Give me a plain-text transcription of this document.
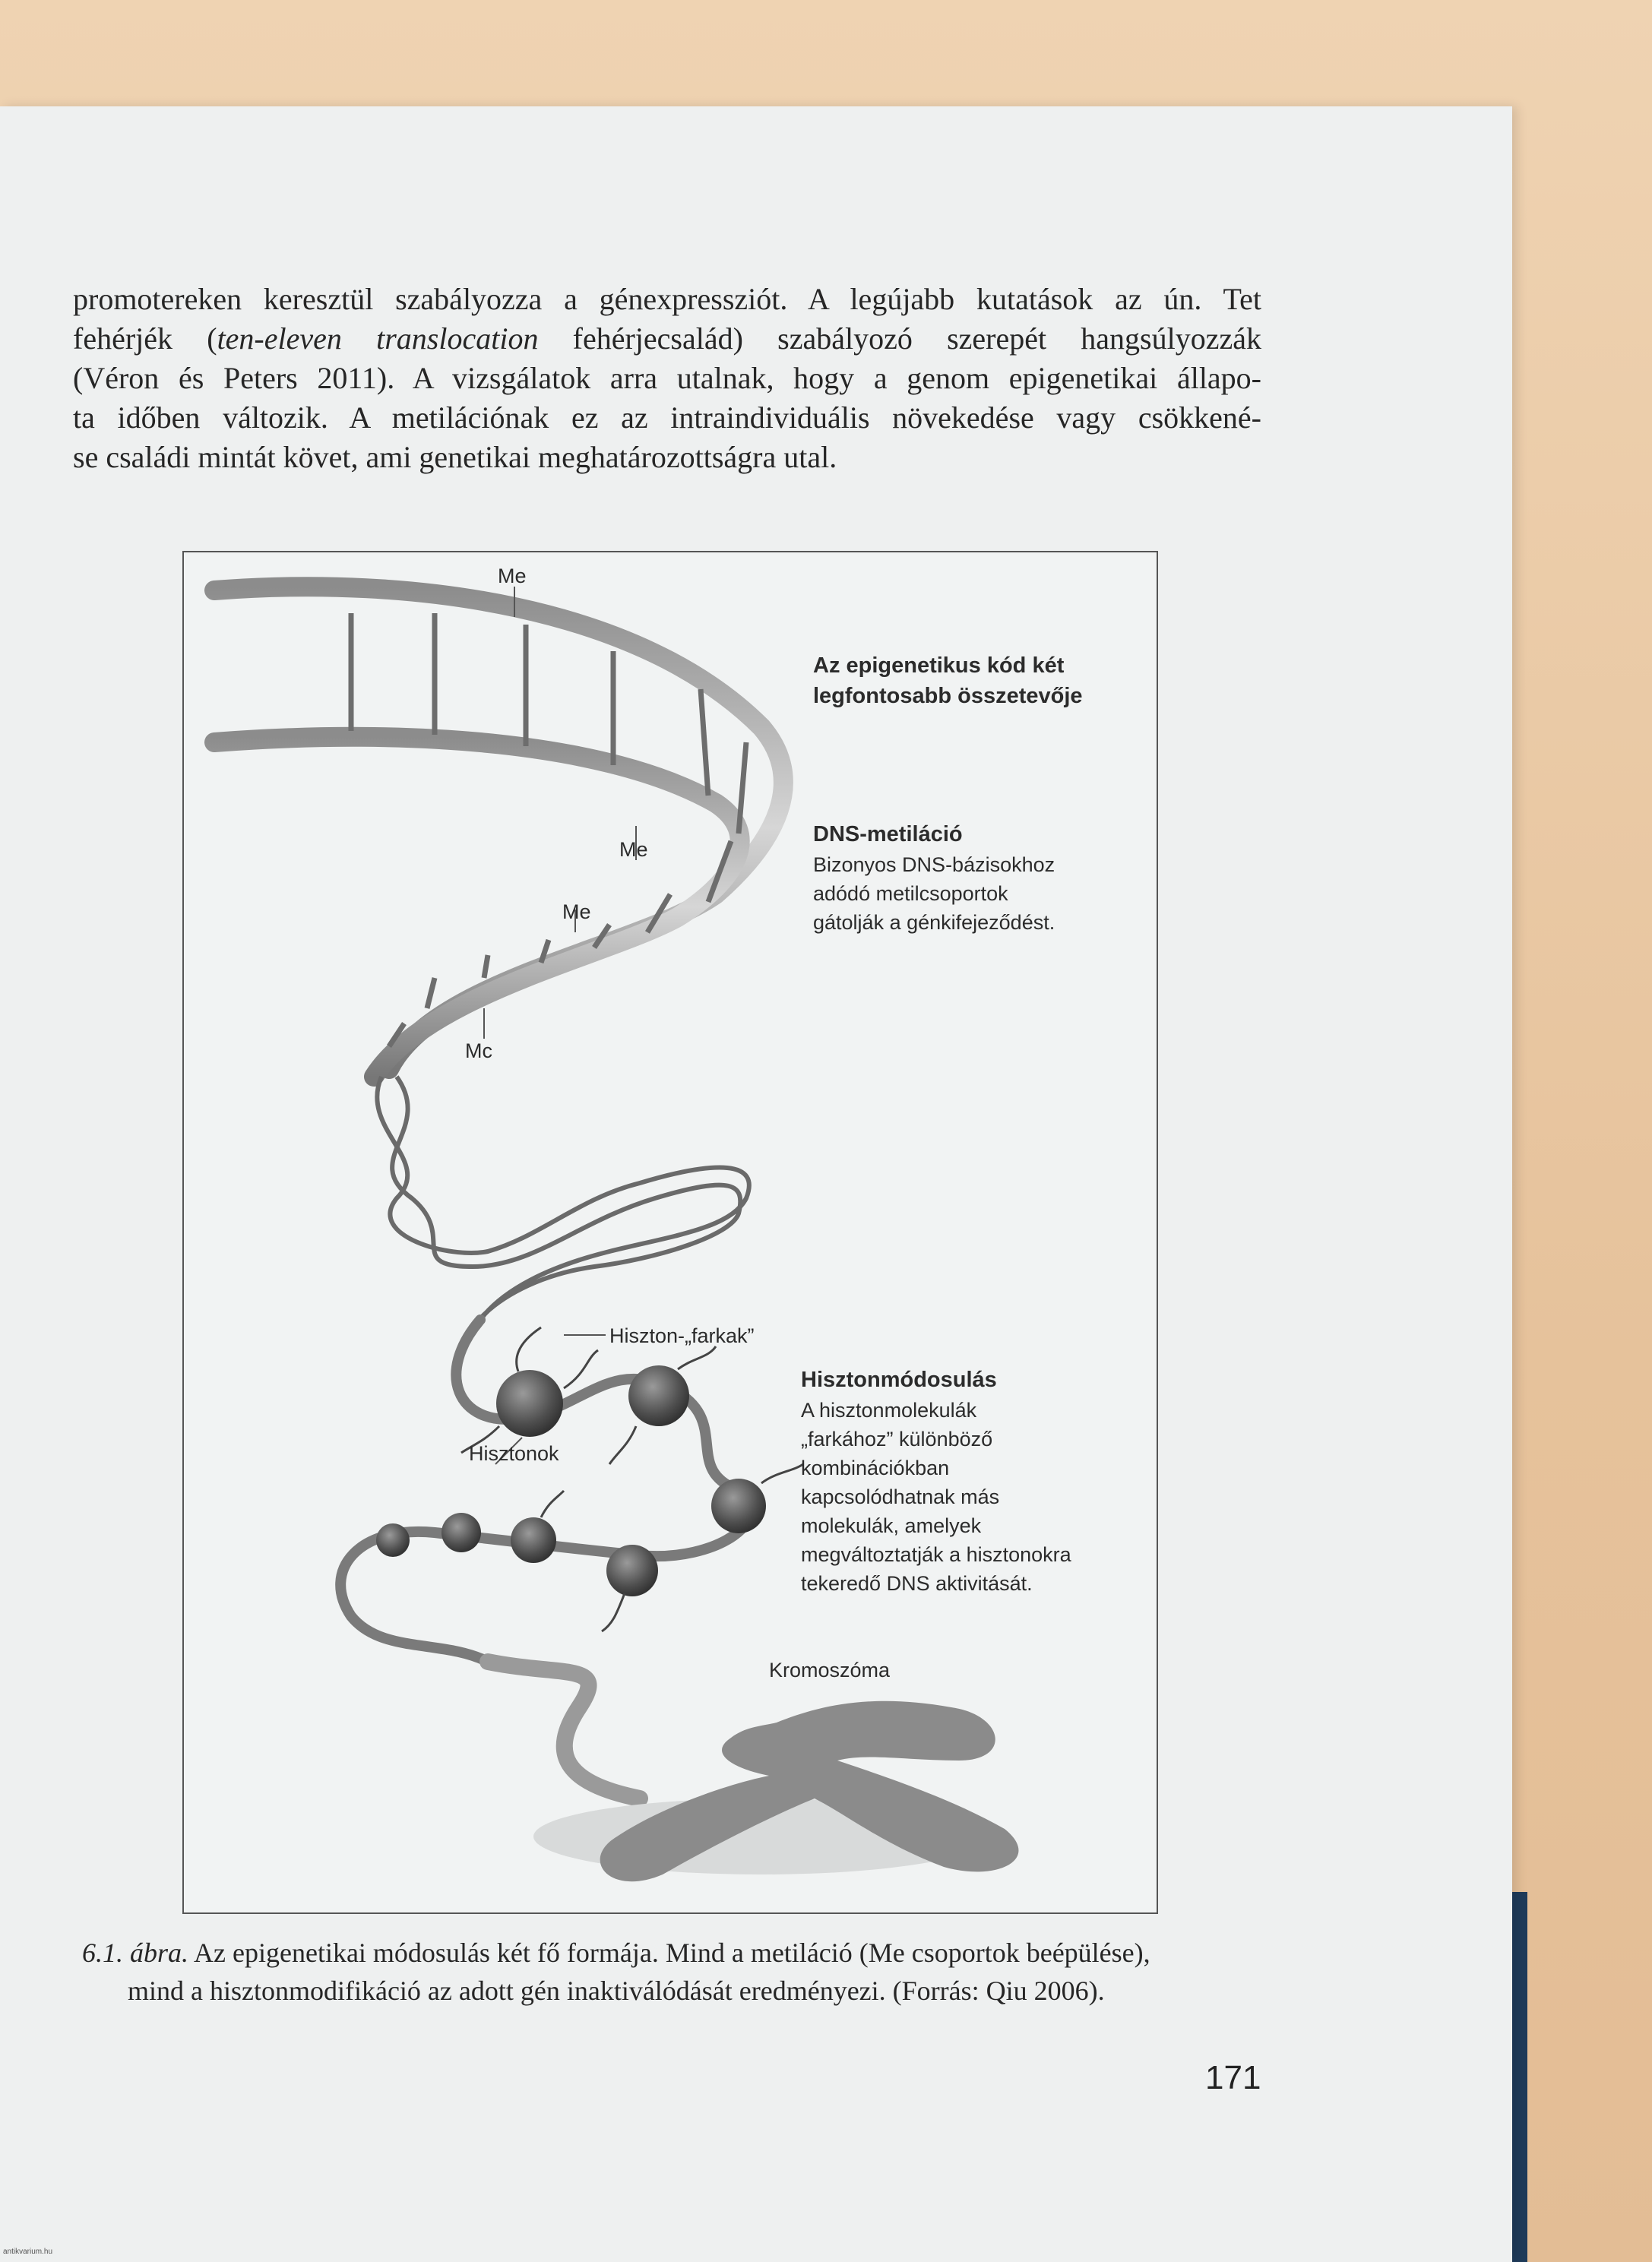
promotereken keresztül szabályozza a génexpressziót. A legújabb kutatások az ún. Tet
fehérjék (ten-eleven translocation fehérjecsalád) szabályozó szerepét hangsúlyozzák
(Véron és Peters 2011). A vizsgálatok arra utalnak, hogy a genom epigenetikai állapo-
ta időben változik. A metilációnak ez az intraindividuális növekedése vagy csökkené-
se családi mintát követ, ami genetikai meghatározottságra utal.
Me
Me
Me
Mc
Hiszton-„farkak”
Hisztonok
Kromoszóma
Az epigenetikus kód két
legfontosabb összetevője
DNS-metiláció
Bizonyos DNS-bázisokhoz
adódó metilcsoportok
gátolják a génkifejeződést.
Hisztonmódosulás
A hisztonmolekulák
„farkához” különböző
kombinációkban
kapcsolódhatnak más
molekulák, amelyek
megváltoztatják a hisztonokra
tekeredő DNS aktivitását.
6.1. ábra. Az epigenetikai módosulás két fő formája. Mind a metiláció (Me csoportok beépülése),
mind a hisztonmodifikáció az adott gén inaktiválódását eredményezi. (Forrás: Qiu 2006).
171
antikvarium.hu
